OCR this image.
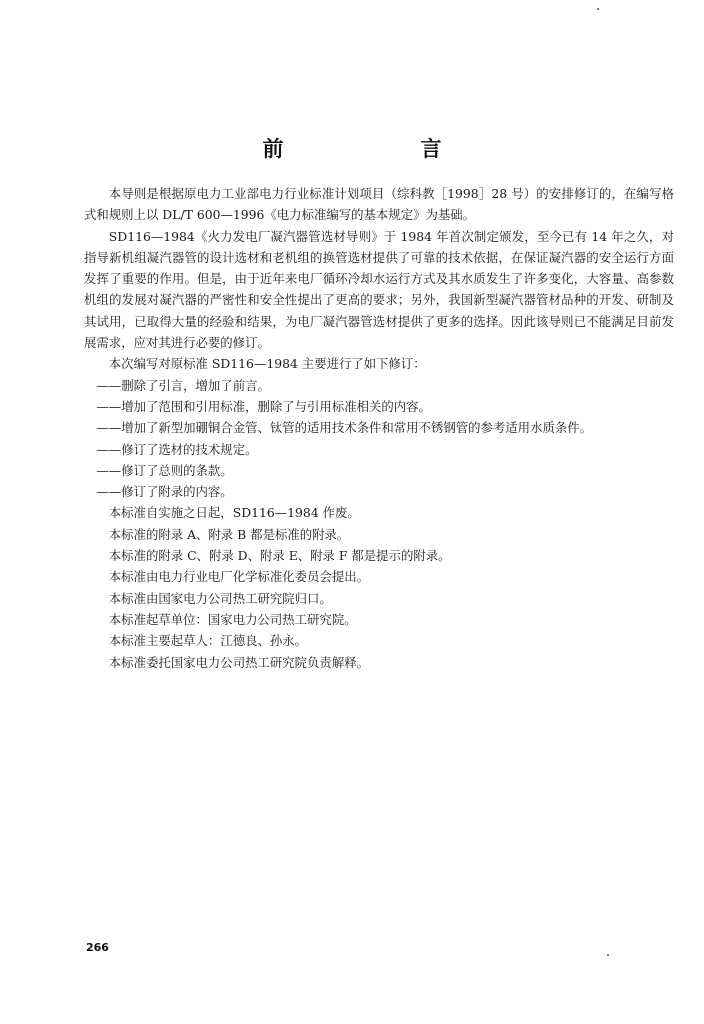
前　言

本导则是根据原电力工业部电力行业标准计划项目（综科教［1998］28 号）的安排修订的，在编写格式和规则上以 DL/T 600—1996《电力标准编写的基本规定》为基础。

SD116—1984《火力发电厂凝汽器管选材导则》于 1984 年首次制定颁发，至今已有 14 年之久，对指导新机组凝汽器管的设计选材和老机组的换管选材提供了可靠的技术依据，在保证凝汽器的安全运行方面发挥了重要的作用。但是，由于近年来电厂循环冷却水运行方式及其水质发生了许多变化，大容量、高参数机组的发展对凝汽器的严密性和安全性提出了更高的要求；另外，我国新型凝汽器管材品种的开发、研制及其试用，已取得大量的经验和结果，为电厂凝汽器管选材提供了更多的选择。因此该导则已不能满足目前发展需求，应对其进行必要的修订。

本次编写对原标准 SD116—1984 主要进行了如下修订：

——删除了引言，增加了前言。

——增加了范围和引用标准，删除了与引用标准相关的内容。

——增加了新型加硼铜合金管、钛管的适用技术条件和常用不锈钢管的参考适用水质条件。

——修订了选材的技术规定。

——修订了总则的条款。

——修订了附录的内容。

本标准自实施之日起，SD116—1984 作废。

本标准的附录 A、附录 B 都是标准的附录。

本标准的附录 C、附录 D、附录 E、附录 F 都是提示的附录。

本标准由电力行业电厂化学标准化委员会提出。

本标准由国家电力公司热工研究院归口。

本标准起草单位：国家电力公司热工研究院。

本标准主要起草人：江德良、孙永。

本标准委托国家电力公司热工研究院负责解释。

266
